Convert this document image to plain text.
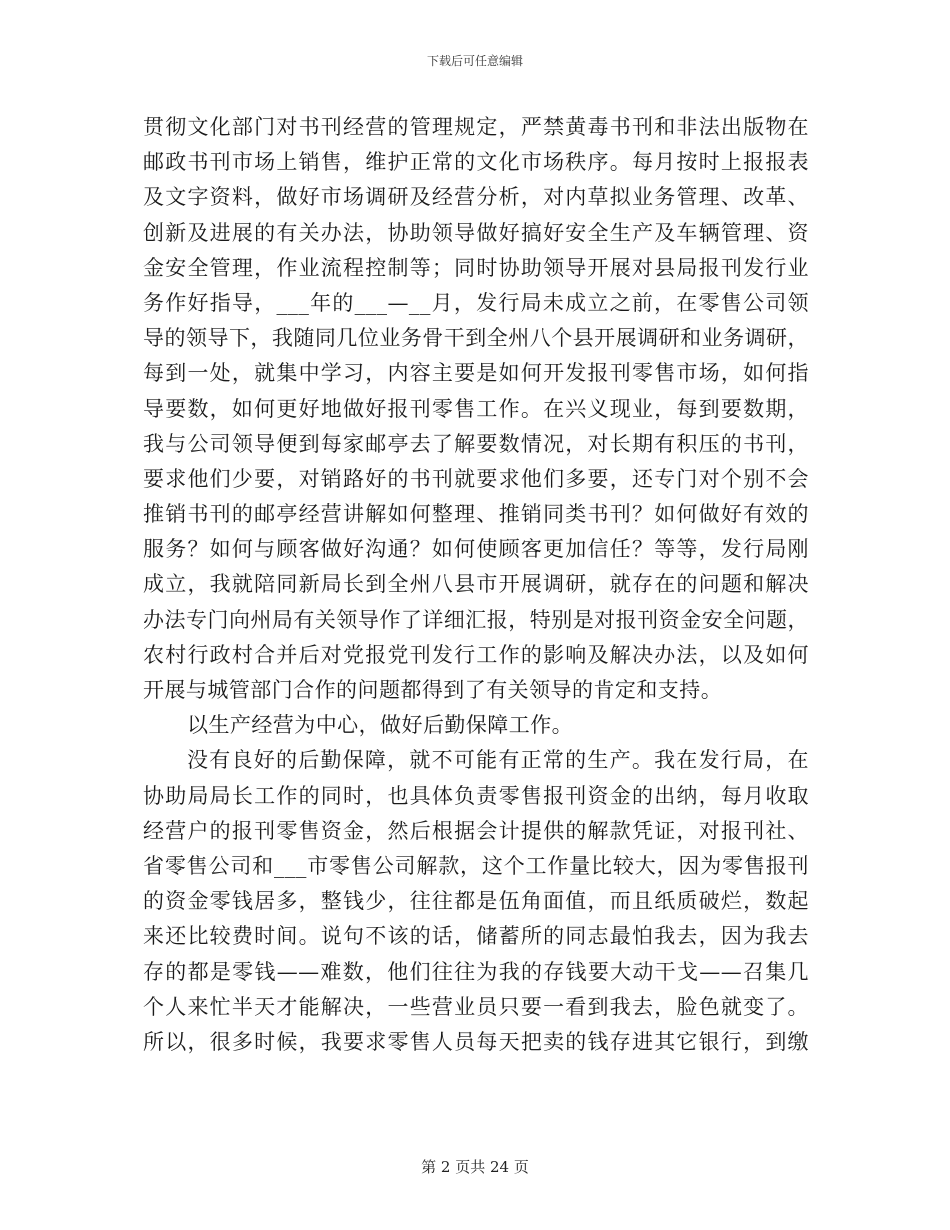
下载后可任意编辑
贯彻文化部门对书刊经营的管理规定，严禁黄毒书刊和非法出版物在
邮政书刊市场上销售，维护正常的文化市场秩序。每月按时上报报表
及文字资料，做好市场调研及经营分析，对内草拟业务管理、改革、
创新及进展的有关办法，协助领导做好搞好安全生产及车辆管理、资
金安全管理，作业流程控制等；同时协助领导开展对县局报刊发行业
务作好指导，___年的___—__月，发行局未成立之前，在零售公司领
导的领导下，我随同几位业务骨干到全州八个县开展调研和业务调研，
每到一处，就集中学习，内容主要是如何开发报刊零售市场，如何指
导要数，如何更好地做好报刊零售工作。在兴义现业，每到要数期，
我与公司领导便到每家邮亭去了解要数情况，对长期有积压的书刊，
要求他们少要，对销路好的书刊就要求他们多要，还专门对个别不会
推销书刊的邮亭经营讲解如何整理、推销同类书刊？如何做好有效的
服务？如何与顾客做好沟通？如何使顾客更加信任？等等，发行局刚
成立，我就陪同新局长到全州八县市开展调研，就存在的问题和解决
办法专门向州局有关领导作了详细汇报，特别是对报刊资金安全问题，
农村行政村合并后对党报党刊发行工作的影响及解决办法，以及如何
开展与城管部门合作的问题都得到了有关领导的肯定和支持。
以生产经营为中心，做好后勤保障工作。
没有良好的后勤保障，就不可能有正常的生产。我在发行局，在
协助局局长工作的同时，也具体负责零售报刊资金的出纳，每月收取
经营户的报刊零售资金，然后根据会计提供的解款凭证，对报刊社、
省零售公司和___市零售公司解款，这个工作量比较大，因为零售报刊
的资金零钱居多，整钱少，往往都是伍角面值，而且纸质破烂，数起
来还比较费时间。说句不该的话，储蓄所的同志最怕我去，因为我去
存的都是零钱——难数，他们往往为我的存钱要大动干戈——召集几
个人来忙半天才能解决，一些营业员只要一看到我去，脸色就变了。
所以，很多时候，我要求零售人员每天把卖的钱存进其它银行，到缴
第 2 页共 24 页
